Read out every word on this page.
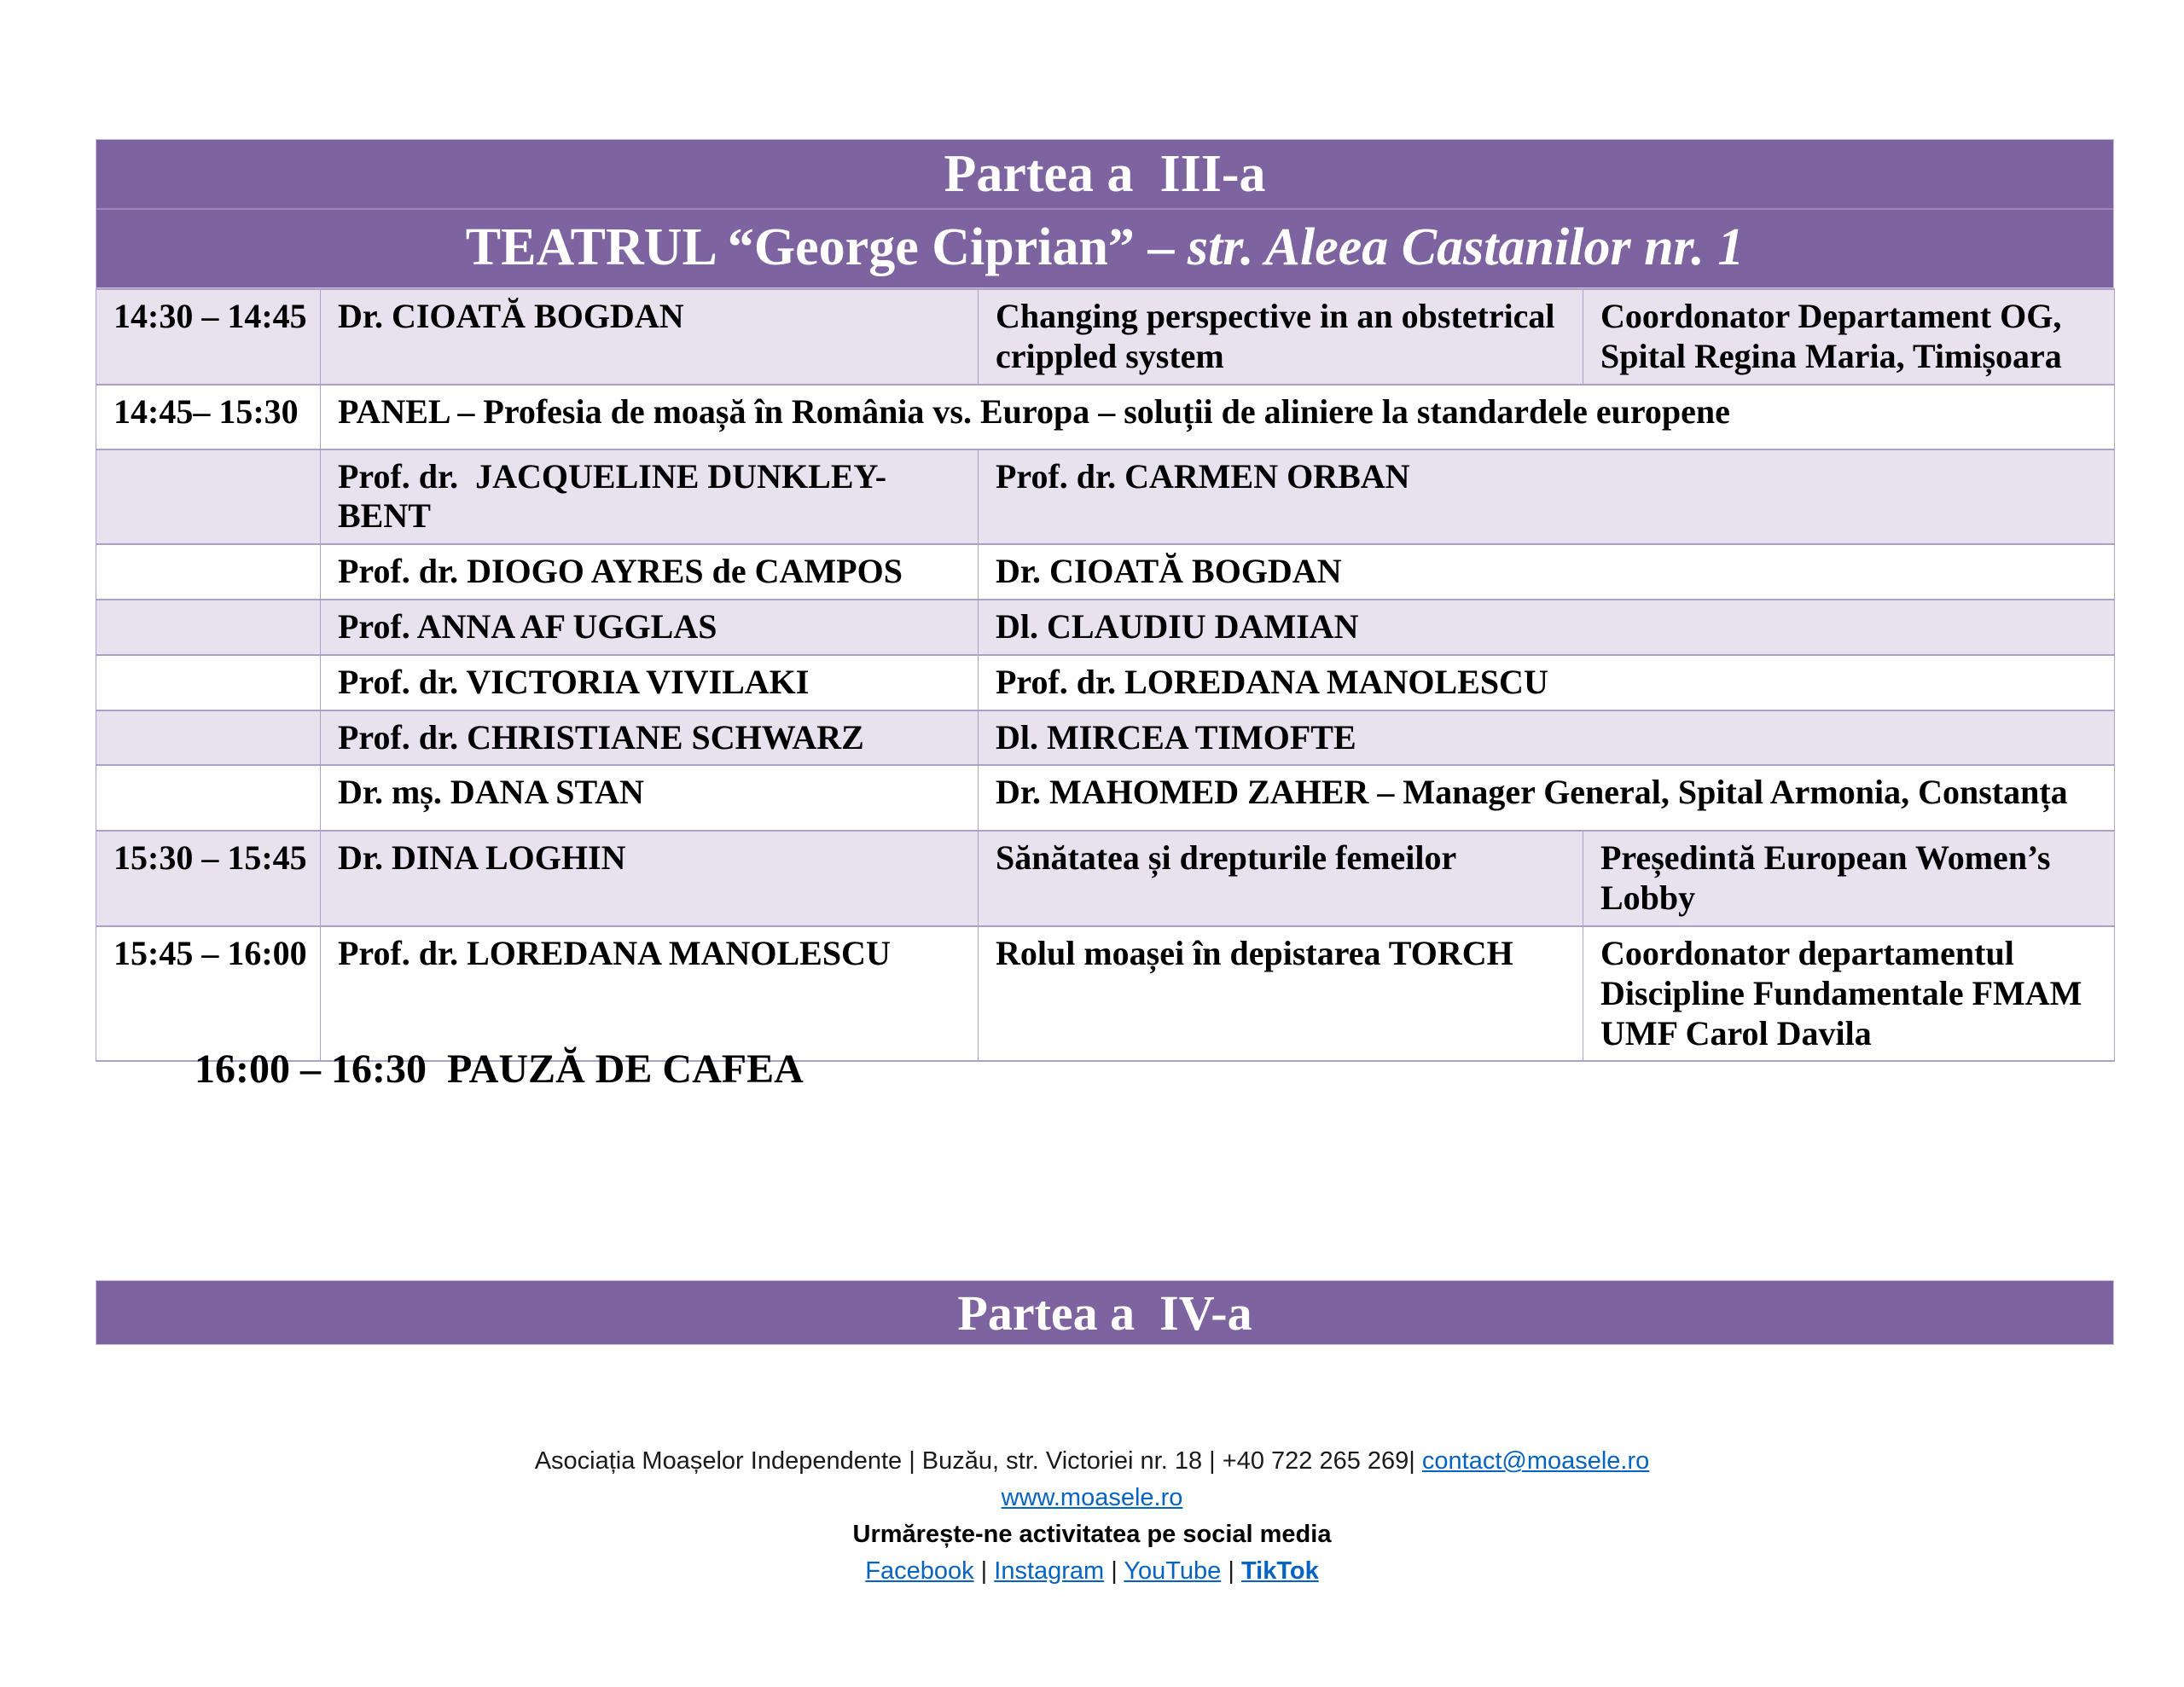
Partea a  III-a
TEATRUL “George Ciprian” – str. Aleea Castanilor nr. 1
14:30 – 14:45	Dr. CIOATĂ BOGDAN	Changing perspective in an obstetrical crippled system	Coordonator Departament OG, Spital Regina Maria, Timișoara
14:45– 15:30	PANEL – Profesia de moașă în România vs. Europa – soluții de aliniere la standardele europene		
	Prof. dr.  JACQUELINE DUNKLEY-BENT	Prof. dr. CARMEN ORBAN	
	Prof. dr. DIOGO AYRES de CAMPOS	Dr. CIOATĂ BOGDAN	
	Prof. ANNA AF UGGLAS	Dl. CLAUDIU DAMIAN	
	Prof. dr. VICTORIA VIVILAKI	Prof. dr. LOREDANA MANOLESCU	
	Prof. dr. CHRISTIANE SCHWARZ	Dl. MIRCEA TIMOFTE	
	Dr. mș. DANA STAN	Dr. MAHOMED ZAHER – Manager General, Spital Armonia, Constanța	
15:30 – 15:45	Dr. DINA LOGHIN	Sănătatea și drepturile femeilor	Președintă European Women’s Lobby
15:45 – 16:00	Prof. dr. LOREDANA MANOLESCU	Rolul moașei în depistarea TORCH	Coordonator departamentul Discipline Fundamentale FMAM UMF Carol Davila
16:00 – 16:30  PAUZĂ DE CAFEA
Partea a  IV-a
Asociația Moașelor Independente | Buzău, str. Victoriei nr. 18 | +40 722 265 269| contact@moasele.ro
www.moasele.ro
Urmărește-ne activitatea pe social media
Facebook | Instagram | YouTube | TikTok
